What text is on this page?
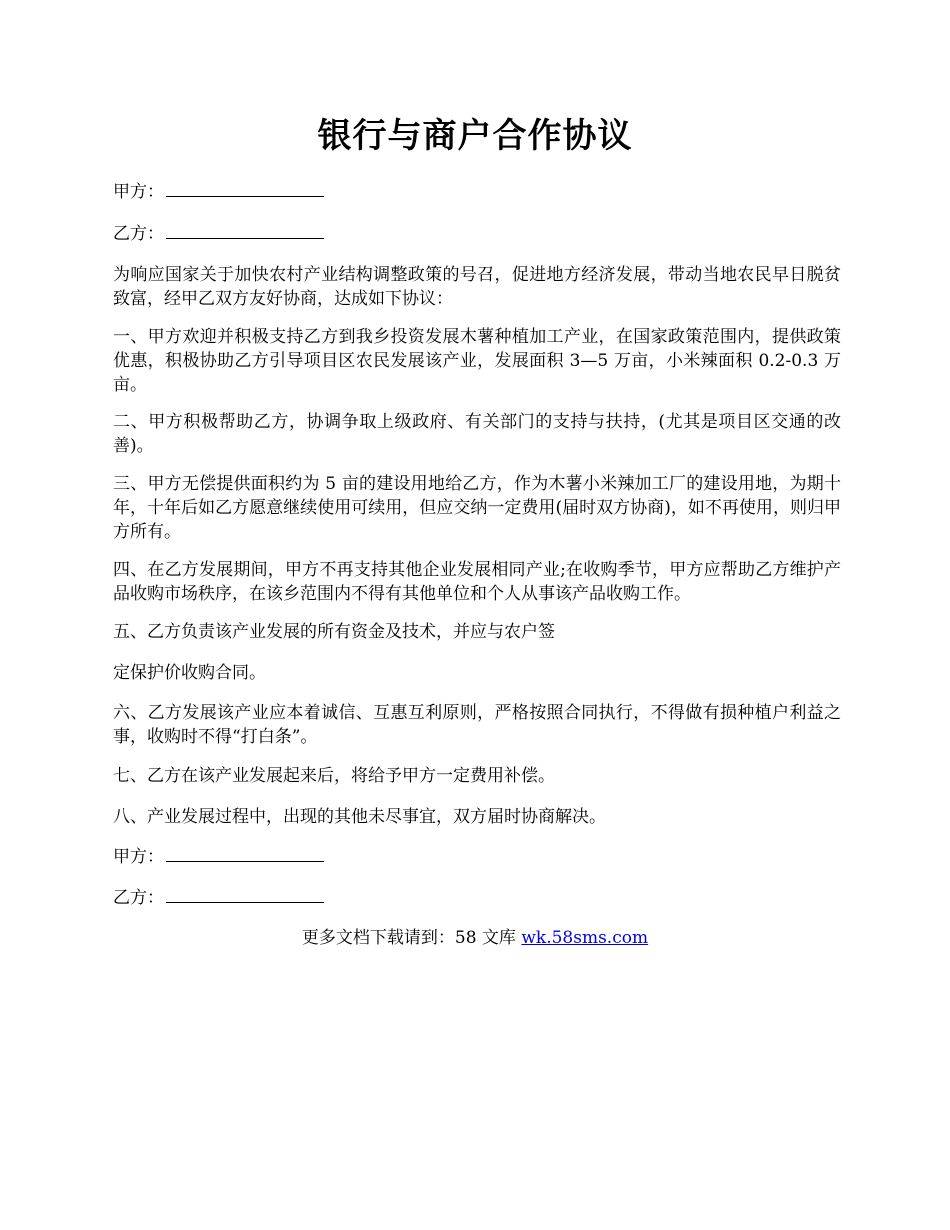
银行与商户合作协议

甲方：

乙方：

为响应国家关于加快农村产业结构调整政策的号召，促进地方经济发展，带动当地农民早日脱贫致富，经甲乙双方友好协商，达成如下协议：

一、甲方欢迎并积极支持乙方到我乡投资发展木薯种植加工产业，在国家政策范围内，提供政策优惠，积极协助乙方引导项目区农民发展该产业，发展面积 3—5 万亩，小米辣面积 0.2-0.3 万亩。

二、甲方积极帮助乙方，协调争取上级政府、有关部门的支持与扶持，(尤其是项目区交通的改善)。

三、甲方无偿提供面积约为 5 亩的建设用地给乙方，作为木薯小米辣加工厂的建设用地，为期十年，十年后如乙方愿意继续使用可续用，但应交纳一定费用(届时双方协商)，如不再使用，则归甲方所有。

四、在乙方发展期间，甲方不再支持其他企业发展相同产业;在收购季节，甲方应帮助乙方维护产品收购市场秩序，在该乡范围内不得有其他单位和个人从事该产品收购工作。

五、乙方负责该产业发展的所有资金及技术，并应与农户签

定保护价收购合同。

六、乙方发展该产业应本着诚信、互惠互利原则，严格按照合同执行，不得做有损种植户利益之事，收购时不得“打白条”。

七、乙方在该产业发展起来后，将给予甲方一定费用补偿。

八、产业发展过程中，出现的其他未尽事宜，双方届时协商解决。

甲方：

乙方：

更多文档下载请到：58 文库 wk.58sms.com
